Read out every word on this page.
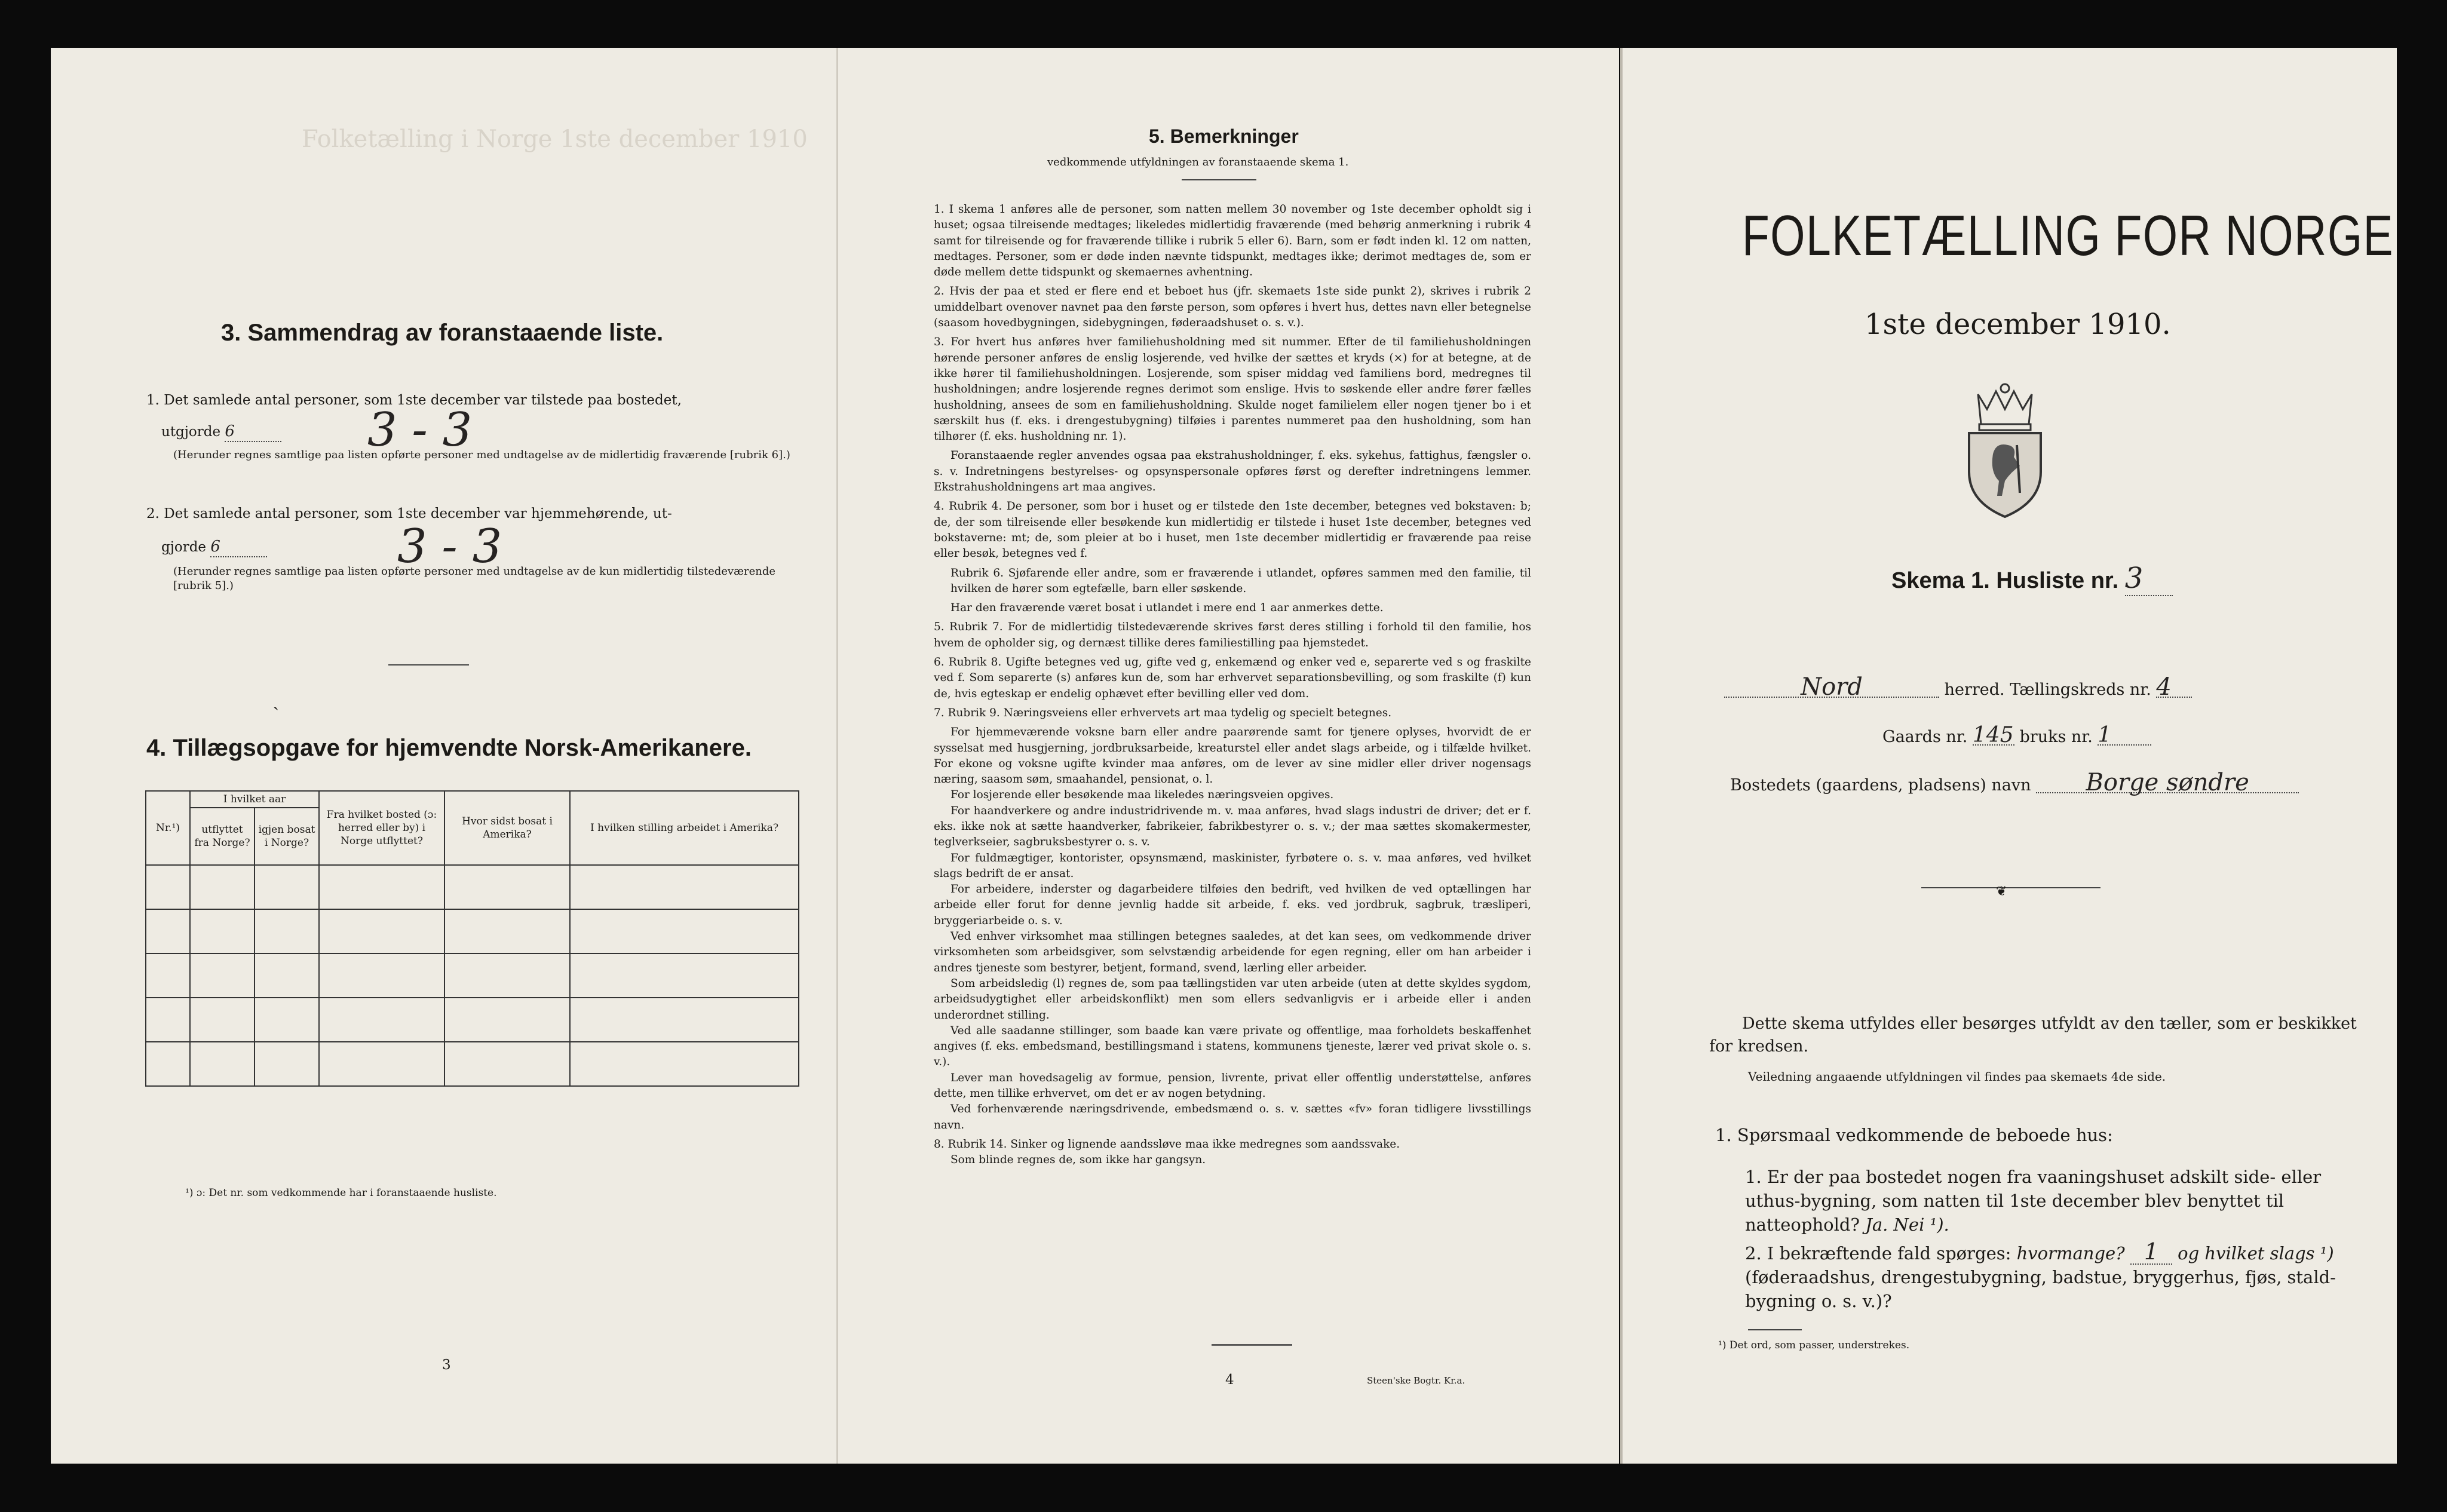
Folketælling i Norge 1ste december 1910
3. Sammendrag av foranstaaende liste.
1. Det samlede antal personer, som 1ste december var tilstede paa bostedet,
utgjorde 6	3 - 3
(Herunder regnes samtlige paa listen opførte personer med undtagelse av de midlertidig fraværende [rubrik 6].)
2. Det samlede antal personer, som 1ste december var hjemmehørende, ut-
gjorde 6	3 - 3
(Herunder regnes samtlige paa listen opførte personer med undtagelse av de kun midlertidig tilstedeværende [rubrik 5].)
ˎ
4. Tillægsopgave for hjemvendte Norsk-Amerikanere.
Nr.¹)	I hvilket aar		Fra hvilket bosted (ɔ: herred eller by) i Norge utflyttet?	Hvor sidst bosat i Amerika?	I hvilken stilling arbeidet i Amerika?
	utflyttet fra Norge?	igjen bosat i Norge?			

¹) ɔ: Det nr. som vedkommende har i foranstaaende husliste.
3
5. Bemerkninger
vedkommende utfyldningen av foranstaaende skema 1.

1. I skema 1 anføres alle de personer, som natten mellem 30 november og 1ste december opholdt sig i huset; ogsaa tilreisende medtages; likeledes midlertidig fraværende (med behørig anmerkning i rubrik 4 samt for tilreisende og for fraværende tillike i rubrik 5 eller 6). Barn, som er født inden kl. 12 om natten, medtages. Personer, som er døde inden nævnte tidspunkt, medtages ikke; derimot medtages de, som er døde mellem dette tidspunkt og skemaernes avhentning.

2. Hvis der paa et sted er flere end et beboet hus (jfr. skemaets 1ste side punkt 2), skrives i rubrik 2 umiddelbart ovenover navnet paa den første person, som opføres i hvert hus, dettes navn eller betegnelse (saasom hovedbygningen, sidebygningen, føderaadshuset o. s. v.).

3. For hvert hus anføres hver familiehusholdning med sit nummer. Efter de til familiehusholdningen hørende personer anføres de enslig losjerende, ved hvilke der sættes et kryds (×) for at betegne, at de ikke hører til familiehusholdningen. Losjerende, som spiser middag ved familiens bord, medregnes til husholdningen; andre losjerende regnes derimot som enslige. Hvis to søskende eller andre fører fælles husholdning, ansees de som en familiehusholdning. Skulde noget familielem eller nogen tjener bo i et særskilt hus (f. eks. i drengestubygning) tilføies i parentes nummeret paa den husholdning, som han tilhører (f. eks. husholdning nr. 1).

Foranstaaende regler anvendes ogsaa paa ekstrahusholdninger, f. eks. sykehus, fattighus, fængsler o. s. v. Indretningens bestyrelses- og opsynspersonale opføres først og derefter indretningens lemmer. Ekstrahusholdningens art maa angives.

4. Rubrik 4. De personer, som bor i huset og er tilstede den 1ste december, betegnes ved bokstaven: b; de, der som tilreisende eller besøkende kun midlertidig er tilstede i huset 1ste december, betegnes ved bokstaverne: mt; de, som pleier at bo i huset, men 1ste december midlertidig er fraværende paa reise eller besøk, betegnes ved f.

Rubrik 6. Sjøfarende eller andre, som er fraværende i utlandet, opføres sammen med den familie, til hvilken de hører som egtefælle, barn eller søskende.

Har den fraværende været bosat i utlandet i mere end 1 aar anmerkes dette.

5. Rubrik 7. For de midlertidig tilstedeværende skrives først deres stilling i forhold til den familie, hos hvem de opholder sig, og dernæst tillike deres familiestilling paa hjemstedet.

6. Rubrik 8. Ugifte betegnes ved ug, gifte ved g, enkemænd og enker ved e, separerte ved s og fraskilte ved f. Som separerte (s) anføres kun de, som har erhvervet separationsbevilling, og som fraskilte (f) kun de, hvis egteskap er endelig ophævet efter bevilling eller ved dom.

7. Rubrik 9. Næringsveiens eller erhvervets art maa tydelig og specielt betegnes.

For hjemmeværende voksne barn eller andre paarørende samt for tjenere oplyses, hvorvidt de er sysselsat med husgjerning, jordbruksarbeide, kreaturstel eller andet slags arbeide, og i tilfælde hvilket. For ekone og voksne ugifte kvinder maa anføres, om de lever av sine midler eller driver nogensags næring, saasom søm, smaahandel, pensionat, o. l.

For losjerende eller besøkende maa likeledes næringsveien opgives.

For haandverkere og andre industridrivende m. v. maa anføres, hvad slags industri de driver; det er f. eks. ikke nok at sætte haandverker, fabrikeier, fabrikbestyrer o. s. v.; der maa sættes skomakermester, teglverkseier, sagbruksbestyrer o. s. v.

For fuldmægtiger, kontorister, opsynsmænd, maskinister, fyrbøtere o. s. v. maa anføres, ved hvilket slags bedrift de er ansat.

For arbeidere, inderster og dagarbeidere tilføies den bedrift, ved hvilken de ved optællingen har arbeide eller forut for denne jevnlig hadde sit arbeide, f. eks. ved jordbruk, sagbruk, træsliperi, bryggeriarbeide o. s. v.

Ved enhver virksomhet maa stillingen betegnes saaledes, at det kan sees, om vedkommende driver virksomheten som arbeidsgiver, som selvstændig arbeidende for egen regning, eller om han arbeider i andres tjeneste som bestyrer, betjent, formand, svend, lærling eller arbeider.

Som arbeidsledig (l) regnes de, som paa tællingstiden var uten arbeide (uten at dette skyldes sygdom, arbeidsudygtighet eller arbeidskonflikt) men som ellers sedvanligvis er i arbeide eller i anden underordnet stilling.

Ved alle saadanne stillinger, som baade kan være private og offentlige, maa forholdets beskaffenhet angives (f. eks. embedsmand, bestillingsmand i statens, kommunens tjeneste, lærer ved privat skole o. s. v.).

Lever man hovedsagelig av formue, pension, livrente, privat eller offentlig understøttelse, anføres dette, men tillike erhvervet, om det er av nogen betydning.

Ved forhenværende næringsdrivende, embedsmænd o. s. v. sættes «fv» foran tidligere livsstillings navn.

8. Rubrik 14. Sinker og lignende aandssløve maa ikke medregnes som aandssvake.

Som blinde regnes de, som ikke har gangsyn.

4	Steen'ske Bogtr. Kr.a.
FOLKETÆLLING FOR NORGE
1ste december 1910.
Skema 1. Husliste nr. 3
Nord	herred. Tællingskreds nr. 4
Gaards nr. 145 bruks nr. 1
Bostedets (gaardens, pladsens) navn Borge søndre
❦
Dette skema utfyldes eller besørges utfyldt av den tæller, som er beskikket for kredsen.
Veiledning angaaende utfyldningen vil findes paa skemaets 4de side.
1. Spørsmaal vedkommende de beboede hus:
1. Er der paa bostedet nogen fra vaaningshuset adskilt side- eller uthus-bygning, som natten til 1ste december blev benyttet til natteophold? Ja. Nei ¹).
2. I bekræftende fald spørges: hvormange? 1 og hvilket slags ¹) (føderaadshus, drengestubygning, badstue, bryggerhus, fjøs, stald-bygning o. s. v.)?
¹) Det ord, som passer, understrekes.
